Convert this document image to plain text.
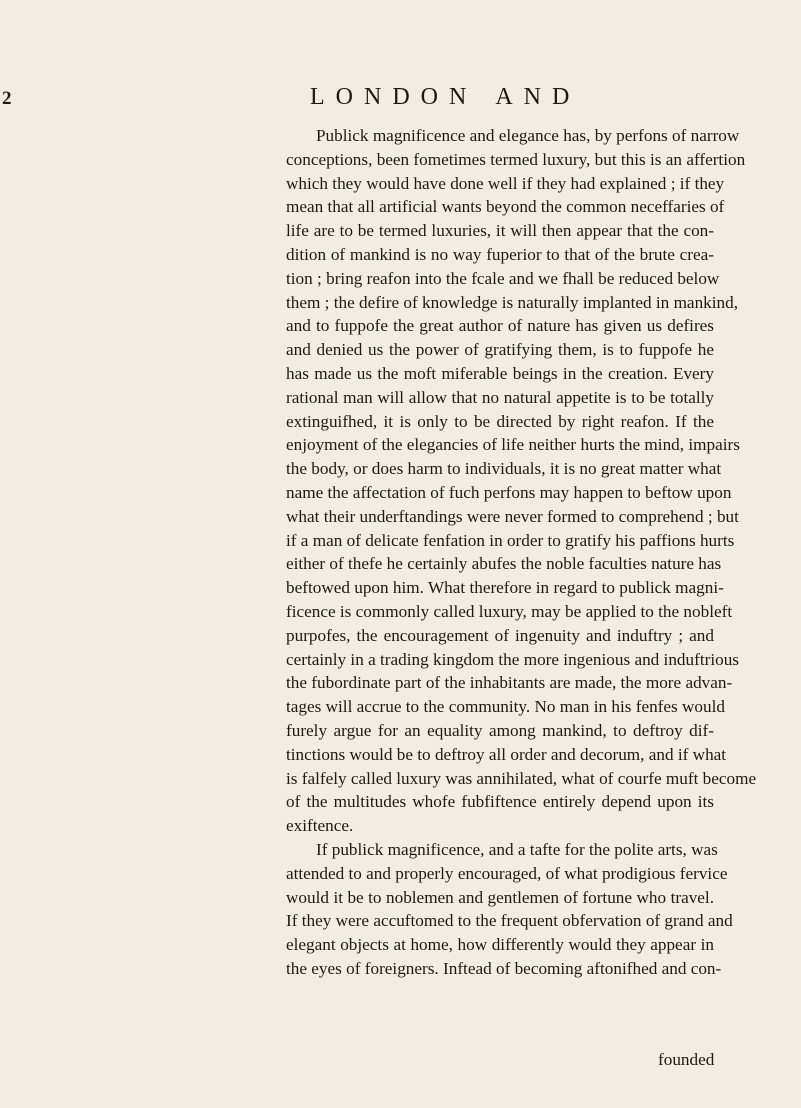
2	LONDON AND
Publick magnificence and elegance has, by perfons of narrow
conceptions, been fometimes termed luxury, but this is an affertion
which they would have done well if they had explained ; if they
mean that all artificial wants beyond the common neceffaries of
life are to be termed luxuries, it will then appear that the con-
dition of mankind is no way fuperior to that of the brute crea-
tion ; bring reafon into the fcale and we fhall be reduced below
them ; the defire of knowledge is naturally implanted in mankind,
and to fuppofe the great author of nature has given us defires
and denied us the power of gratifying them, is to fuppofe he
has made us the moft miferable beings in the creation. Every
rational man will allow that no natural appetite is to be totally
extinguifhed, it is only to be directed by right reafon. If the
enjoyment of the elegancies of life neither hurts the mind, impairs
the body, or does harm to individuals, it is no great matter what
name the affectation of fuch perfons may happen to beftow upon
what their underftandings were never formed to comprehend ; but
if a man of delicate fenfation in order to gratify his paffions hurts
either of thefe he certainly abufes the noble faculties nature has
beftowed upon him. What therefore in regard to publick magni-
ficence is commonly called luxury, may be applied to the nobleft
purpofes, the encouragement of ingenuity and induftry ; and
certainly in a trading kingdom the more ingenious and induftrious
the fubordinate part of the inhabitants are made, the more advan-
tages will accrue to the community. No man in his fenfes would
furely argue for an equality among mankind, to deftroy dif-
tinctions would be to deftroy all order and decorum, and if what
is falfely called luxury was annihilated, what of courfe muft become
of the multitudes whofe fubfiftence entirely depend upon its
exiftence.
If publick magnificence, and a tafte for the polite arts, was
attended to and properly encouraged, of what prodigious fervice
would it be to noblemen and gentlemen of fortune who travel.
If they were accuftomed to the frequent obfervation of grand and
elegant objects at home, how differently would they appear in
the eyes of foreigners. Inftead of becoming aftonifhed and con-
founded
